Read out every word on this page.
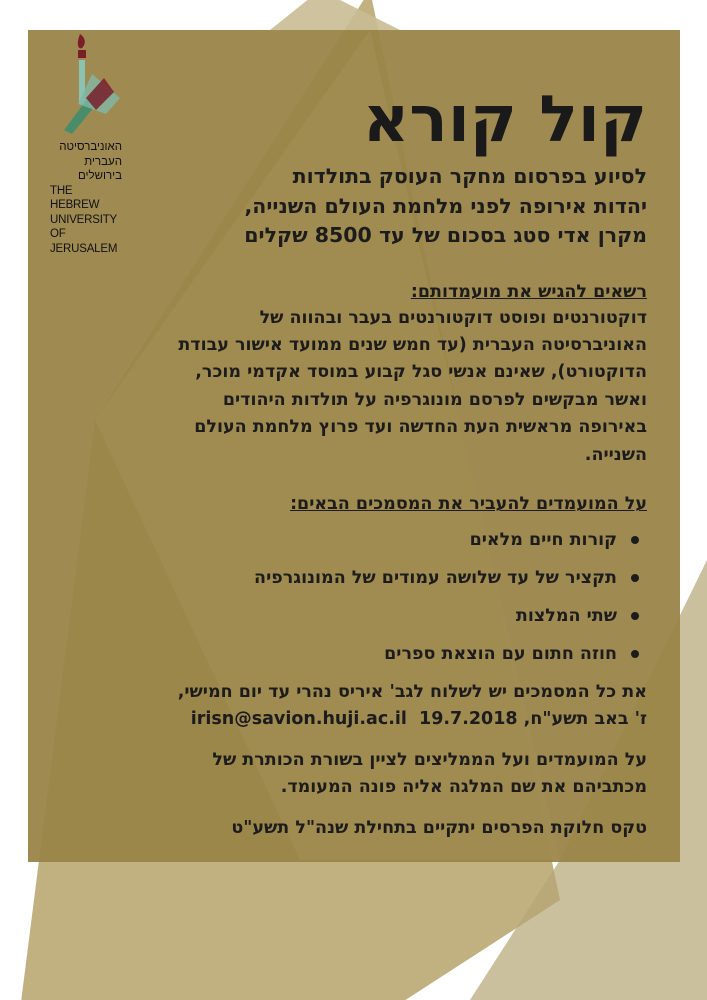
האוניברסיטה
העברית
בירושלים
THE HEBREW
UNIVERSITY
OF JERUSALEM
קול קורא
לסיוע בפרסום מחקר העוסק בתולדות
יהדות אירופה לפני מלחמת העולם השנייה,
מקרן אדי סטג בסכום של עד 8500 שקלים
רשאים להגיש את מועמדותם:
דוקטורנטים ופוסט דוקטורנטים בעבר ובהווה של
האוניברסיטה העברית (עד חמש שנים ממועד אישור עבודת
הדוקטורט), שאינם אנשי סגל קבוע במוסד אקדמי מוכר,
ואשר מבקשים לפרסם מונוגרפיה על תולדות היהודים
באירופה מראשית העת החדשה ועד פרוץ מלחמת העולם
השנייה.
על המועמדים להעביר את המסמכים הבאים:
קורות חיים מלאים
תקציר של עד שלושה עמודים של המונוגרפיה
שתי המלצות
חוזה חתום עם הוצאת ספרים
את כל המסמכים יש לשלוח לגב' איריס נהרי עד יום חמישי,
ז' באב תשע"ח, 19.7.2018  irisn@savion.huji.ac.il
על המועמדים ועל הממליצים לציין בשורת הכותרת של
מכתביהם את שם המלגה אליה פונה המעומד.
טקס חלוקת הפרסים יתקיים בתחילת שנה"ל תשע"ט
